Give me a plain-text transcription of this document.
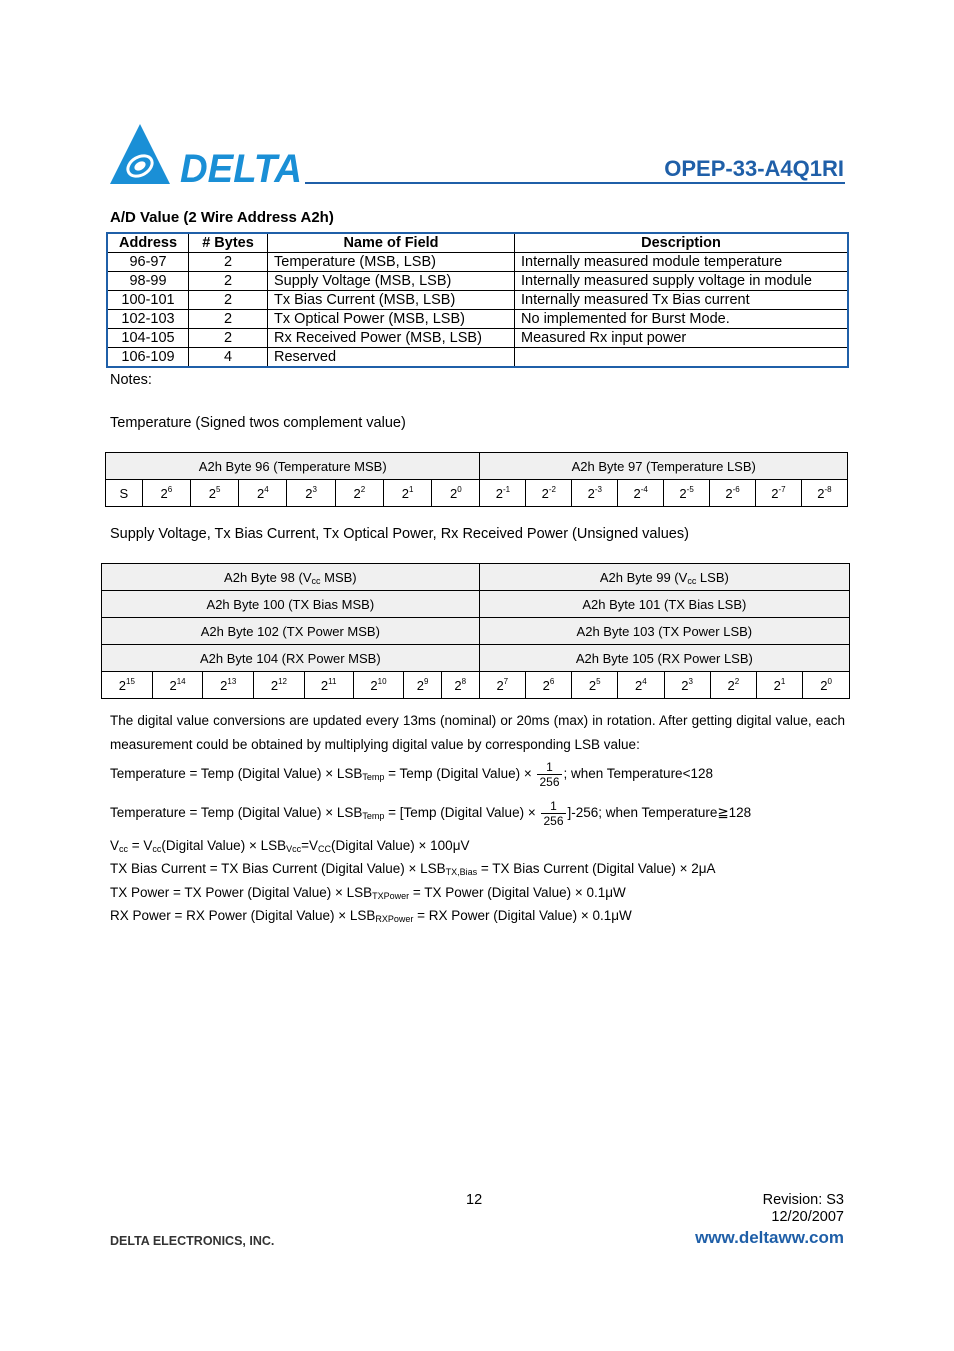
DELTA	OPEP-33-A4Q1RI
A/D Value (2 Wire Address A2h)
Address	# Bytes	Name of Field	Description
96-97	2	Temperature (MSB, LSB)	Internally measured module temperature
98-99	2	Supply Voltage (MSB, LSB)	Internally measured supply voltage in module
100-101	2	Tx Bias Current (MSB, LSB)	Internally measured Tx Bias current
102-103	2	Tx Optical Power (MSB, LSB)	No implemented for Burst Mode.
104-105	2	Rx Received Power (MSB, LSB)	Measured Rx input power
106-109	4	Reserved	
Notes:
Temperature (Signed twos complement value)
A2h Byte 96 (Temperature MSB)								A2h Byte 97 (Temperature LSB)							
S	$2^6$	$2^5$	$2^4$	$2^3$	$2^2$	$2^1$	$2^0$	$2^{-1}$	$2^{-2}$	$2^{-3}$	$2^{-4}$	$2^{-5}$	$2^{-6}$	$2^{-7}$	$2^{-8}$
Supply Voltage, Tx Bias Current, Tx Optical Power, Rx Received Power (Unsigned values)
A2h Byte 98 ($V_{cc}$ MSB)								A2h Byte 99 ($V_{cc}$ LSB)							
A2h Byte 100 (TX Bias MSB)								A2h Byte 101 (TX Bias LSB)							
A2h Byte 102 (TX Power MSB)								A2h Byte 103 (TX Power LSB)							
A2h Byte 104 (RX Power MSB)								A2h Byte 105 (RX Power LSB)							
$2^{15}$	$2^{14}$	$2^{13}$	$2^{12}$	$2^{11}$	$2^{10}$	$2^9$	$2^8$	$2^7$	$2^6$	$2^5$	$2^4$	$2^3$	$2^2$	$2^1$	$2^0$
The digital value conversions are updated every 13ms (nominal) or 20ms (max) in rotation. After getting digital value, each measurement could be obtained by multiplying digital value by corresponding LSB value:
Temperature = Temp (Digital Value) × $LSB_{Temp}$ = Temp (Digital Value) × $\frac{1}{256}$ ; when Temperature<128
Temperature = Temp (Digital Value) × $LSB_{Temp}$ = [Temp (Digital Value) × $\frac{1}{256} ]-256$; when Temperature≧128
$V_{cc}$ = $V_{cc}(Digital$ Value) × $LSB_{Vcc}=V_{CC}(Digital$ Value) × 100μV
TX Bias Current = TX Bias Current (Digital Value) × $LSB_{TX,Bias}$ = TX Bias Current (Digital Value) × 2μA
TX Power = TX Power (Digital Value) × $LSB_{TXPower}$ = TX Power (Digital Value) × 0.1μW
RX Power = RX Power (Digital Value) × $LSB_{RXPower}$ = RX Power (Digital Value) × 0.1μW
12	Revision: S3
12/20/2007
DELTA ELECTRONICS, INC.	www.deltaww.com
